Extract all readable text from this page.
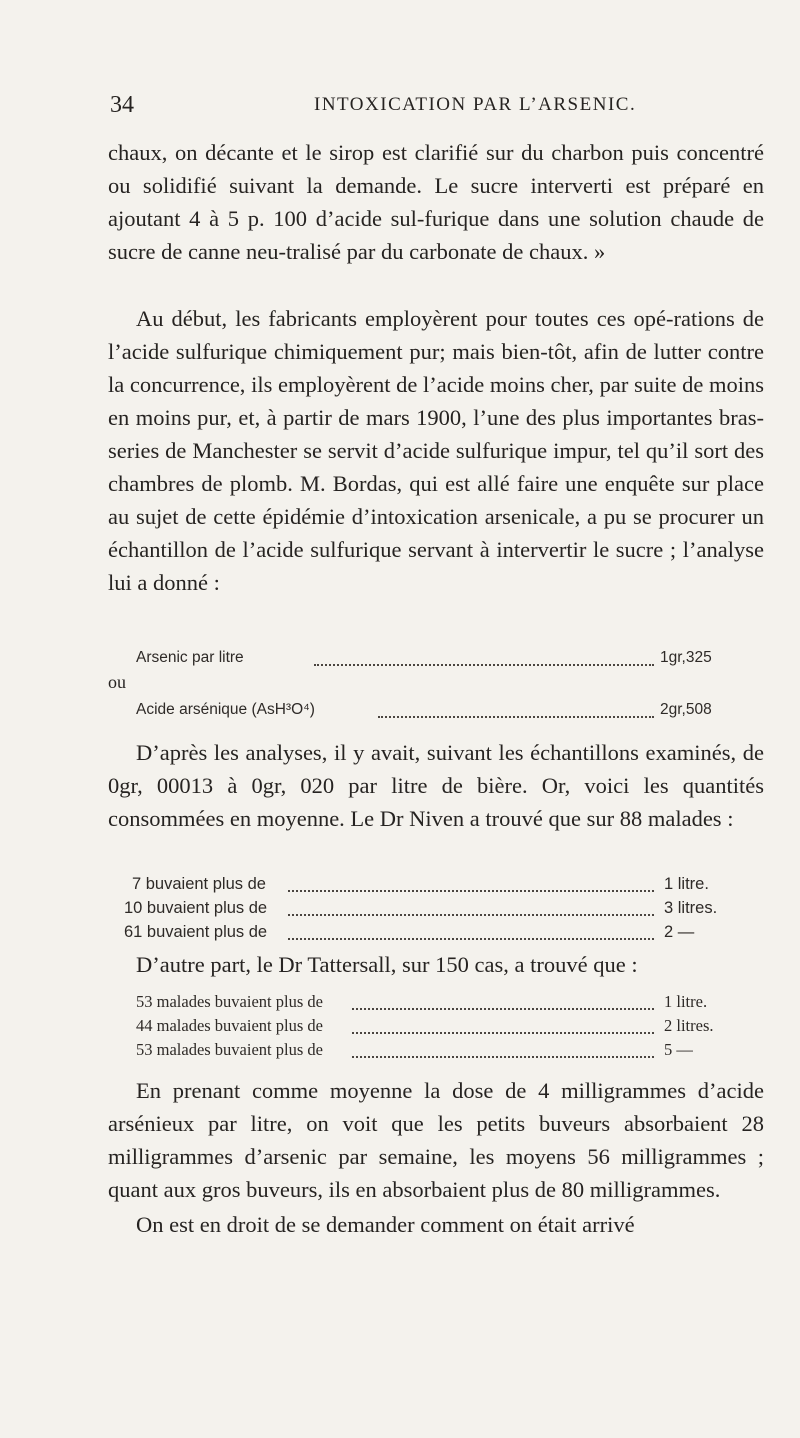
34	INTOXICATION PAR L’ARSENIC.

chaux, on décante et le sirop est clarifié sur du charbon puis concentré ou solidifié suivant la demande. Le sucre interverti est préparé en ajoutant 4 à 5 p. 100 d’acide sul-furique dans une solution chaude de sucre de canne neu-tralisé par du carbonate de chaux. »

Au début, les fabricants employèrent pour toutes ces opé-rations de l’acide sulfurique chimiquement pur; mais bien-tôt, afin de lutter contre la concurrence, ils employèrent de l’acide moins cher, par suite de moins en moins pur, et, à partir de mars 1900, l’une des plus importantes bras-series de Manchester se servit d’acide sulfurique impur, tel qu’il sort des chambres de plomb. M. Bordas, qui est allé faire une enquête sur place au sujet de cette épidémie d’intoxication arsenicale, a pu se procurer un échantillon de l’acide sulfurique servant à intervertir le sucre ; l’analyse lui a donné :

Arsenic par litre	1gr,325
ou
Acide arsénique (AsH³O⁴)	2gr,508

D’après les analyses, il y avait, suivant les échantillons examinés, de 0gr, 00013 à 0gr, 020 par litre de bière. Or, voici les quantités consommées en moyenne. Le Dr Niven a trouvé que sur 88 malades :

7 buvaient plus de	1 litre.
10 buvaient plus de	3 litres.
61 buvaient plus de	2 —

D’autre part, le Dr Tattersall, sur 150 cas, a trouvé que :

53 malades buvaient plus de	1 litre.
44 malades buvaient plus de	2 litres.
53 malades buvaient plus de	5 —

En prenant comme moyenne la dose de 4 milligrammes d’acide arsénieux par litre, on voit que les petits buveurs absorbaient 28 milligrammes d’arsenic par semaine, les moyens 56 milligrammes ; quant aux gros buveurs, ils en absorbaient plus de 80 milligrammes.

On est en droit de se demander comment on était arrivé
